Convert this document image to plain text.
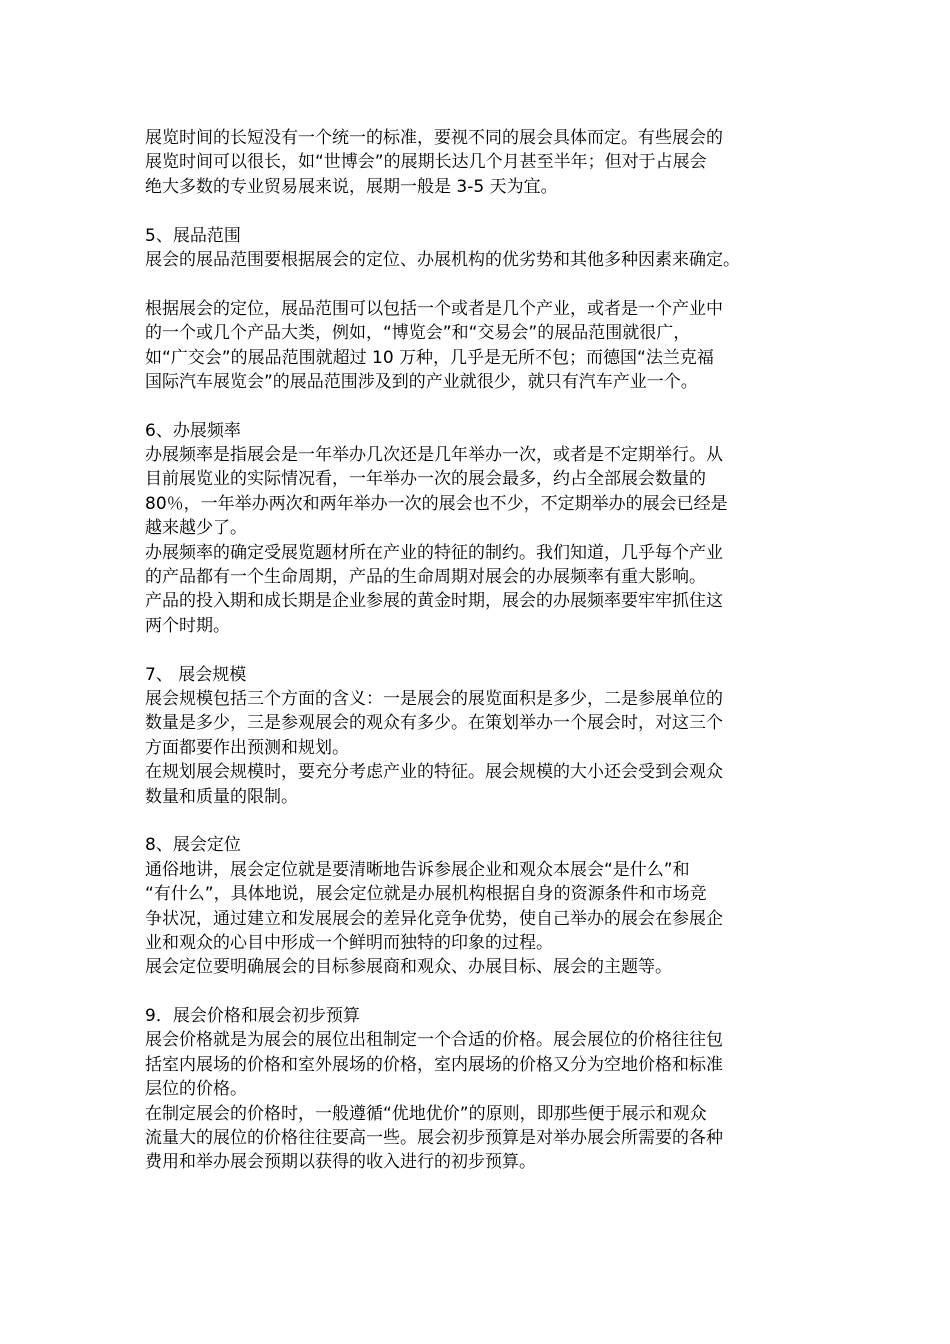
展览时间的长短没有一个统一的标准，要视不同的展会具体而定。有些展会的
展览时间可以很长，如“世博会”的展期长达几个月甚至半年；但对于占展会
绝大多数的专业贸易展来说，展期一般是 3-5 天为宜。
5、展品范围
展会的展品范围要根据展会的定位、办展机构的优劣势和其他多种因素来确定。
根据展会的定位，展品范围可以包括一个或者是几个产业，或者是一个产业中
的一个或几个产品大类，例如，“博览会”和“交易会”的展品范围就很广，
如“广交会”的展品范围就超过 10 万种，几乎是无所不包；而德国“法兰克福
国际汽车展览会”的展品范围涉及到的产业就很少，就只有汽车产业一个。
6、办展频率
办展频率是指展会是一年举办几次还是几年举办一次，或者是不定期举行。从
目前展览业的实际情况看，一年举办一次的展会最多，约占全部展会数量的
80％，一年举办两次和两年举办一次的展会也不少，不定期举办的展会已经是
越来越少了。
办展频率的确定受展览题材所在产业的特征的制约。我们知道，几乎每个产业
的产品都有一个生命周期，产品的生命周期对展会的办展频率有重大影响。
产品的投入期和成长期是企业参展的黄金时期，展会的办展频率要牢牢抓住这
两个时期。
7、 展会规模
展会规模包括三个方面的含义：一是展会的展览面积是多少，二是参展单位的
数量是多少，三是参观展会的观众有多少。在策划举办一个展会时，对这三个
方面都要作出预测和规划。
在规划展会规模时，要充分考虑产业的特征。展会规模的大小还会受到会观众
数量和质量的限制。
8、展会定位
通俗地讲，展会定位就是要清晰地告诉参展企业和观众本展会“是什么”和
“有什么”，具体地说，展会定位就是办展机构根据自身的资源条件和市场竞
争状况，通过建立和发展展会的差异化竞争优势，使自己举办的展会在参展企
业和观众的心目中形成一个鲜明而独特的印象的过程。
展会定位要明确展会的目标参展商和观众、办展目标、展会的主题等。
9．展会价格和展会初步预算
展会价格就是为展会的展位出租制定一个合适的价格。展会展位的价格往往包
括室内展场的价格和室外展场的价格，室内展场的价格又分为空地价格和标准
层位的价格。
在制定展会的价格时，一般遵循“优地优价”的原则，即那些便于展示和观众
流量大的展位的价格往往要高一些。展会初步预算是对举办展会所需要的各种
费用和举办展会预期以获得的收入进行的初步预算。
